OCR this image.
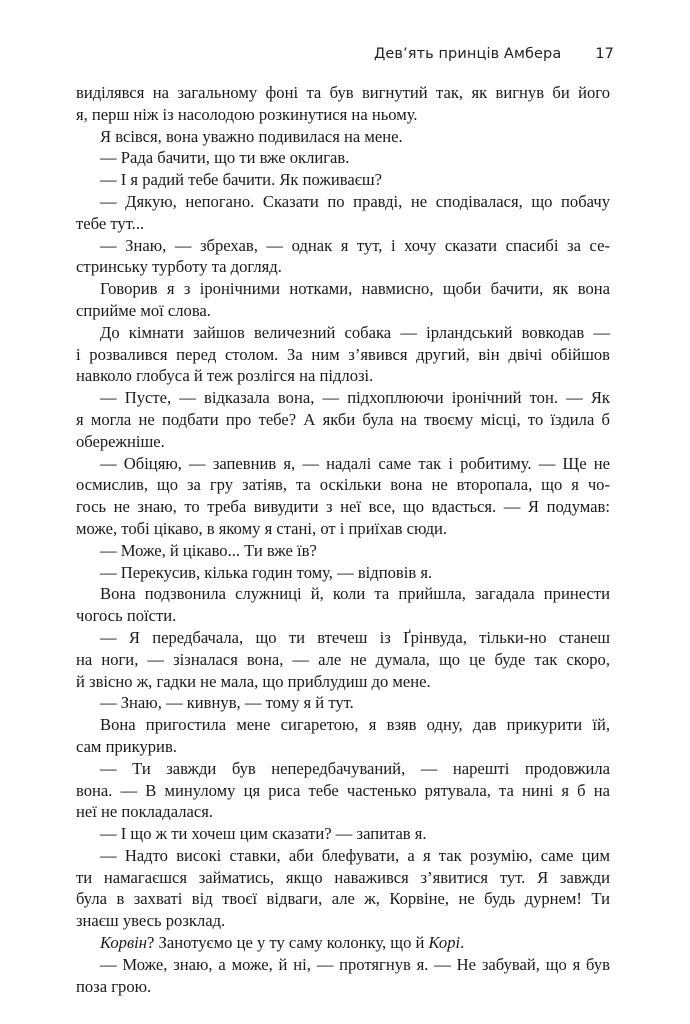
Дев’ять принців Амбера 17
виділявся на загальному фоні та був вигнутий так, як вигнув би його
я, перш ніж із насолодою розкинутися на ньому.
Я всівся, вона уважно подивилася на мене.
— Рада бачити, що ти вже оклигав.
— І я радий тебе бачити. Як поживаєш?
— Дякую, непогано. Сказати по правді, не сподівалася, що побачу
тебе тут...
— Знаю, — збрехав, — однак я тут, і хочу сказати спасибі за се-
стринську турботу та догляд.
Говорив я з іронічними нотками, навмисно, щоби бачити, як вона
сприйме мої слова.
До кімнати зайшов величезний собака — ірландський вовкодав —
і розвалився перед столом. За ним з’явився другий, він двічі обійшов
навколо глобуса й теж розлігся на підлозі.
— Пусте, — відказала вона, — підхоплюючи іронічний тон. — Як
я могла не подбати про тебе? А якби була на твоєму місці, то їздила б
обережніше.
— Обіцяю, — запевнив я, — надалі саме так і робитиму. — Ще не
осмислив, що за гру затіяв, та оскільки вона не второпала, що я чо-
гось не знаю, то треба вивудити з неї все, що вдасться. — Я подумав:
може, тобі цікаво, в якому я стані, от і приїхав сюди.
— Може, й цікаво... Ти вже їв?
— Перекусив, кілька годин тому, — відповів я.
Вона подзвонила служниці й, коли та прийшла, загадала принести
чогось поїсти.
— Я передбачала, що ти втечеш із Ґрінвуда, тільки-но станеш
на ноги, — зізналася вона, — але не думала, що це буде так скоро,
й звісно ж, гадки не мала, що приблудиш до мене.
— Знаю, — кивнув, — тому я й тут.
Вона пригостила мене сигаретою, я взяв одну, дав прикурити їй,
сам прикурив.
— Ти завжди був непередбачуваний, — нарешті продовжила
вона. — В минулому ця риса тебе частенько рятувала, та нині я б на
неї не покладалася.
— І що ж ти хочеш цим сказати? — запитав я.
— Надто високі ставки, аби блефувати, а я так розумію, саме цим
ти намагаєшся займатись, якщо наважився з’явитися тут. Я завжди
була в захваті від твоєї відваги, але ж, Корвіне, не будь дурнем! Ти
знаєш увесь розклад.
Корвін? Занотуємо це у ту саму колонку, що й Корі.
— Може, знаю, а може, й ні, — протягнув я. — Не забувай, що я був
поза грою.
